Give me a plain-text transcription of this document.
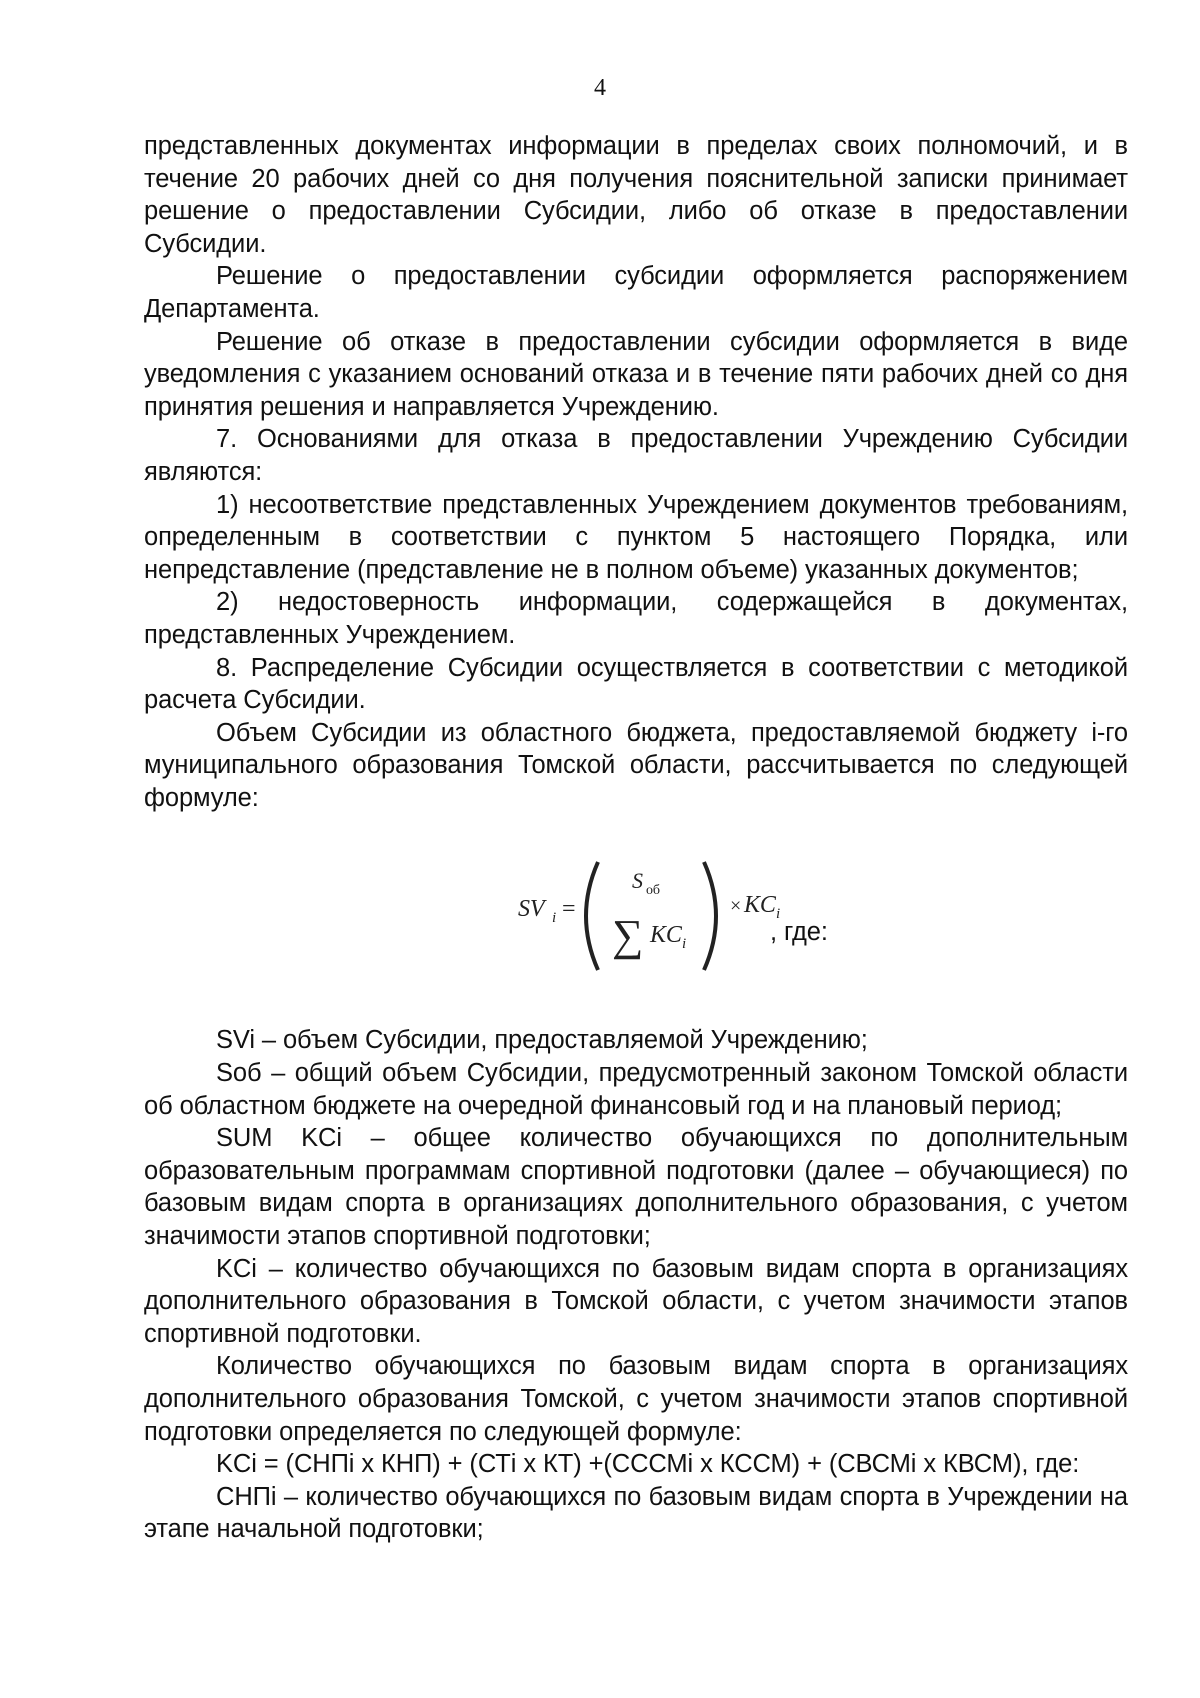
4

представленных документах информации в пределах своих полномочий, и в течение 20 рабочих дней со дня получения пояснительной записки принимает решение о предоставлении Субсидии, либо об отказе в предоставлении Субсидии.

Решение о предоставлении субсидии оформляется распоряжением Департамента.

Решение об отказе в предоставлении субсидии оформляется в виде уведомления с указанием оснований отказа и в течение пяти рабочих дней со дня принятия решения и направляется Учреждению.

7. Основаниями для отказа в предоставлении Учреждению Субсидии являются:

1) несоответствие представленных Учреждением документов требованиям, определенным в соответствии с пунктом 5 настоящего Порядка, или непредставление (представление не в полном объеме) указанных документов;

2) недостоверность информации, содержащейся в документах, представленных Учреждением.

8. Распределение Субсидии осуществляется в соответствии с методикой расчета Субсидии.

Объем Субсидии из областного бюджета, предоставляемой бюджету i-го муниципального образования Томской области, рассчитывается по следующей формуле:

SV i =
S об
∑ KC i
× KC i
, где:

SVi – объем Субсидии, предоставляемой Учреждению;

Sоб – общий объем Субсидии, предусмотренный законом Томской области об областном бюджете на очередной финансовый год и на плановый период;

SUM KCi – общее количество обучающихся по дополнительным образовательным программам спортивной подготовки (далее – обучающиеся) по базовым видам спорта в организациях дополнительного образования, с учетом значимости этапов спортивной подготовки;

KCi – количество обучающихся по базовым видам спорта в организациях дополнительного образования в Томской области, с учетом значимости этапов спортивной подготовки.

Количество обучающихся по базовым видам спорта в организациях дополнительного образования Томской, с учетом значимости этапов спортивной подготовки определяется по следующей формуле:

KCi = (СНПi х КНП) + (СТi х КТ) +(СССМi х КССМ) + (СВСМi х КВСМ), где:

СНПi – количество обучающихся по базовым видам спорта в Учреждении на этапе начальной подготовки;
